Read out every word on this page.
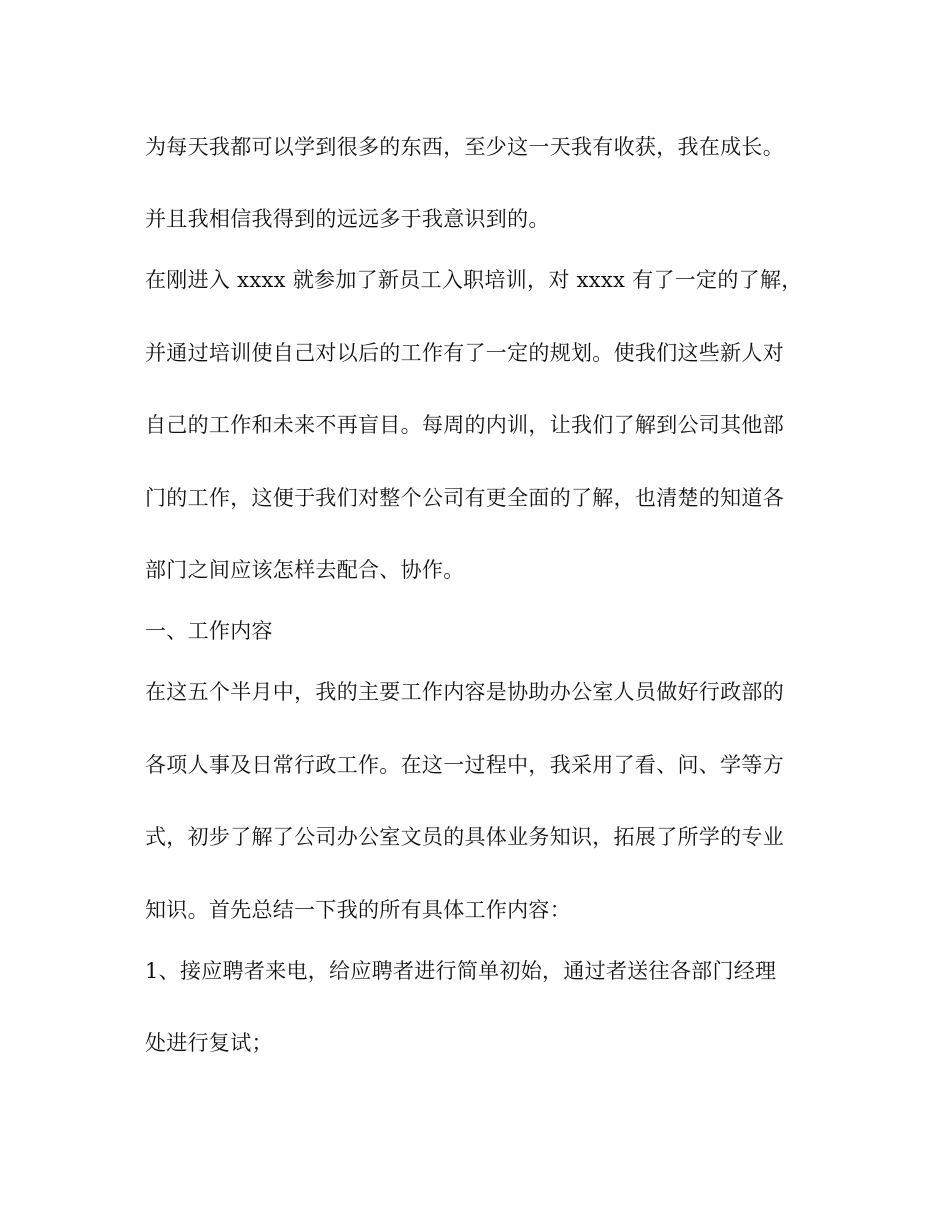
为每天我都可以学到很多的东西，至少这一天我有收获，我在成长。
并且我相信我得到的远远多于我意识到的。
在刚进入 xxxx 就参加了新员工入职培训，对 xxxx 有了一定的了解，
并通过培训使自己对以后的工作有了一定的规划。使我们这些新人对
自己的工作和未来不再盲目。每周的内训，让我们了解到公司其他部
门的工作，这便于我们对整个公司有更全面的了解，也清楚的知道各
部门之间应该怎样去配合、协作。
一、工作内容
在这五个半月中，我的主要工作内容是协助办公室人员做好行政部的
各项人事及日常行政工作。在这一过程中，我采用了看、问、学等方
式，初步了解了公司办公室文员的具体业务知识，拓展了所学的专业
知识。首先总结一下我的所有具体工作内容：
1、接应聘者来电，给应聘者进行简单初始，通过者送往各部门经理
处进行复试；
